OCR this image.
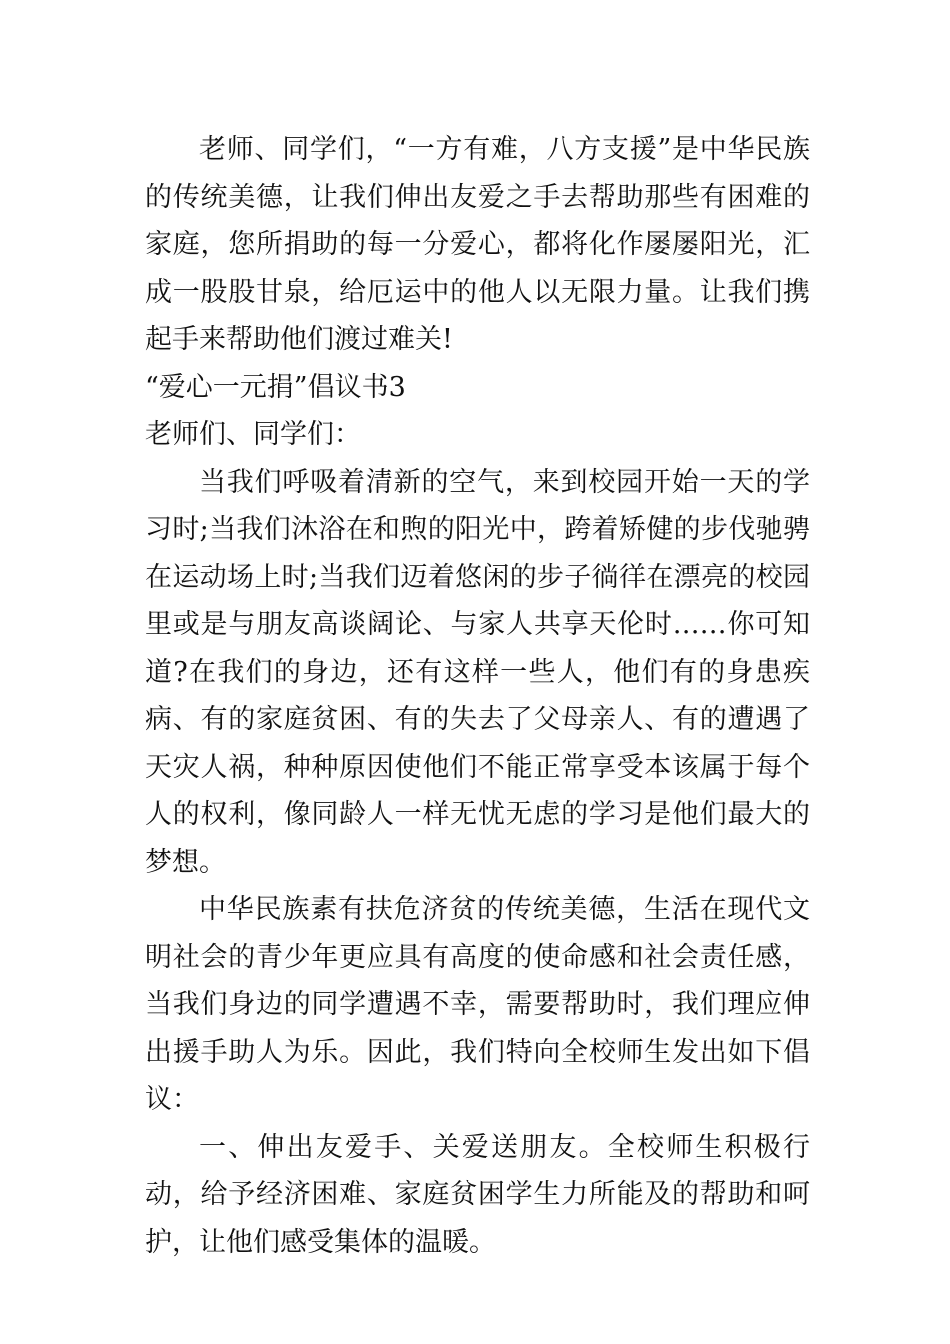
老师、同学们，“一方有难，八方支援”是中华民族的传统美德，让我们伸出友爱之手去帮助那些有困难的家庭，您所捐助的每一分爱心，都将化作屡屡阳光，汇成一股股甘泉，给厄运中的他人以无限力量。让我们携起手来帮助他们渡过难关!

“爱心一元捐”倡议书3

老师们、同学们：

当我们呼吸着清新的空气，来到校园开始一天的学习时;当我们沐浴在和煦的阳光中，跨着矫健的步伐驰骋在运动场上时;当我们迈着悠闲的步子徜徉在漂亮的校园里或是与朋友高谈阔论、与家人共享天伦时……你可知道?在我们的身边，还有这样一些人，他们有的身患疾病、有的家庭贫困、有的失去了父母亲人、有的遭遇了天灾人祸，种种原因使他们不能正常享受本该属于每个人的权利，像同龄人一样无忧无虑的学习是他们最大的梦想。

中华民族素有扶危济贫的传统美德，生活在现代文明社会的青少年更应具有高度的使命感和社会责任感，当我们身边的同学遭遇不幸，需要帮助时，我们理应伸出援手助人为乐。因此，我们特向全校师生发出如下倡议：

一、伸出友爱手、关爱送朋友。全校师生积极行动，给予经济困难、家庭贫困学生力所能及的帮助和呵护，让他们感受集体的温暖。
